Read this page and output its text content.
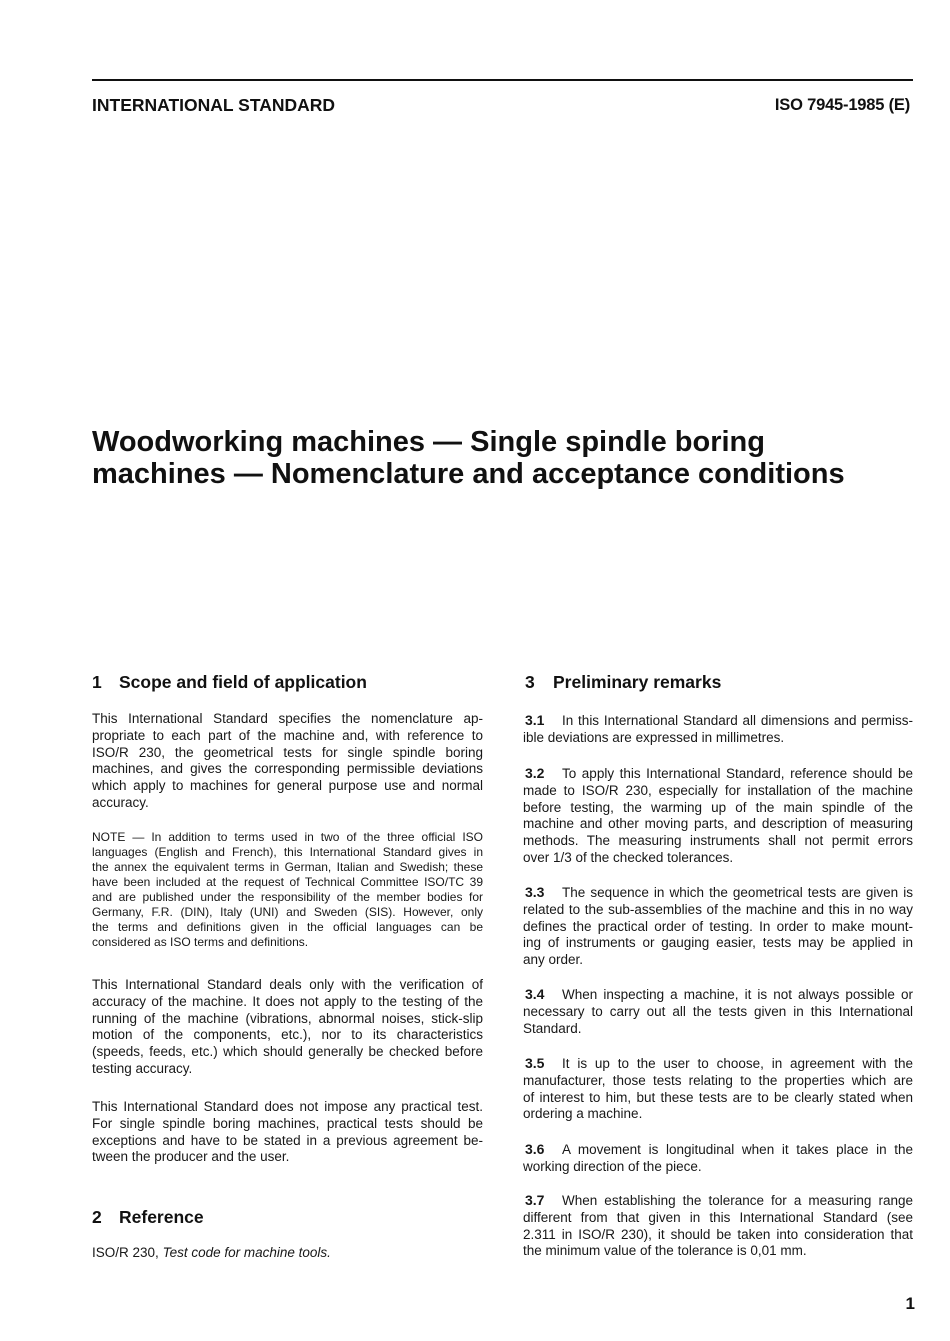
INTERNATIONAL STANDARD	ISO 7945-1985 (E)
Woodworking machines — Single spindle boring
machines — Nomenclature and acceptance conditions
1 Scope and field of application
This International Standard specifies the nomenclature ap-
propriate to each part of the machine and, with reference to
ISO/R 230, the geometrical tests for single spindle boring
machines, and gives the corresponding permissible deviations
which apply to machines for general purpose use and normal
accuracy.
NOTE — In addition to terms used in two of the three official ISO
languages (English and French), this International Standard gives in
the annex the equivalent terms in German, Italian and Swedish; these
have been included at the request of Technical Committee ISO/TC 39
and are published under the responsibility of the member bodies for
Germany, F.R. (DIN), Italy (UNI) and Sweden (SIS). However, only
the terms and definitions given in the official languages can be
considered as ISO terms and definitions.
This International Standard deals only with the verification of
accuracy of the machine. It does not apply to the testing of the
running of the machine (vibrations, abnormal noises, stick-slip
motion of the components, etc.), nor to its characteristics
(speeds, feeds, etc.) which should generally be checked before
testing accuracy.
This International Standard does not impose any practical test.
For single spindle boring machines, practical tests should be
exceptions and have to be stated in a previous agreement be-
tween the producer and the user.
2 Reference
ISO/R 230, Test code for machine tools.
3 Preliminary remarks
3.1 In this International Standard all dimensions and permiss-
ible deviations are expressed in millimetres.
3.2 To apply this International Standard, reference should be
made to ISO/R 230, especially for installation of the machine
before testing, the warming up of the main spindle of the
machine and other moving parts, and description of measuring
methods. The measuring instruments shall not permit errors
over 1/3 of the checked tolerances.
3.3 The sequence in which the geometrical tests are given is
related to the sub-assemblies of the machine and this in no way
defines the practical order of testing. In order to make mount-
ing of instruments or gauging easier, tests may be applied in
any order.
3.4 When inspecting a machine, it is not always possible or
necessary to carry out all the tests given in this International
Standard.
3.5 It is up to the user to choose, in agreement with the
manufacturer, those tests relating to the properties which are
of interest to him, but these tests are to be clearly stated when
ordering a machine.
3.6 A movement is longitudinal when it takes place in the
working direction of the piece.
3.7 When establishing the tolerance for a measuring range
different from that given in this International Standard (see
2.311 in ISO/R 230), it should be taken into consideration that
the minimum value of the tolerance is 0,01 mm.
1
